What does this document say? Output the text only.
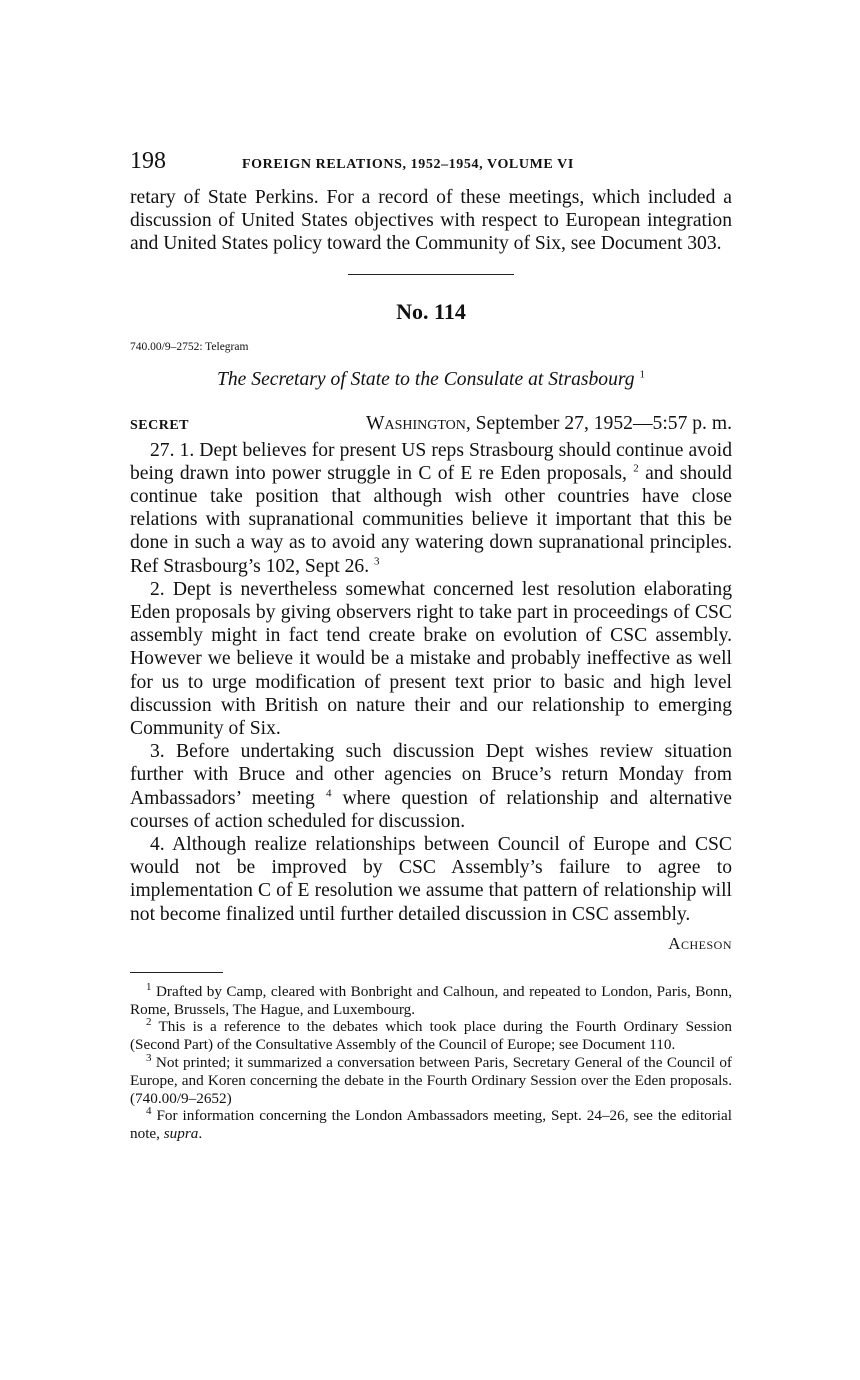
198	FOREIGN RELATIONS, 1952–1954, VOLUME VI

retary of State Perkins. For a record of these meetings, which included a discussion of United States objectives with respect to European integration and United States policy toward the Community of Six, see Document 303.

No. 114
740.00/9–2752: Telegram
The Secretary of State to the Consulate at Strasbourg $^1$
SECRET	Washington, September 27, 1952—5:57 p. m.

27. 1. Dept believes for present US reps Strasbourg should continue avoid being drawn into power struggle in C of E re Eden proposals, $^2$ and should continue take position that although wish other countries have close relations with supranational communities believe it important that this be done in such a way as to avoid any watering down supranational principles. Ref Strasbourg’s 102, Sept 26. $^3$

2. Dept is nevertheless somewhat concerned lest resolution elaborating Eden proposals by giving observers right to take part in proceedings of CSC assembly might in fact tend create brake on evolution of CSC assembly. However we believe it would be a mistake and probably ineffective as well for us to urge modification of present text prior to basic and high level discussion with British on nature their and our relationship to emerging Community of Six.

3. Before undertaking such discussion Dept wishes review situation further with Bruce and other agencies on Bruce’s return Monday from Ambassadors’ meeting $^4$ where question of relationship and alternative courses of action scheduled for discussion.

4. Although realize relationships between Council of Europe and CSC would not be improved by CSC Assembly’s failure to agree to implementation C of E resolution we assume that pattern of relationship will not become finalized until further detailed discussion in CSC assembly.

Acheson

$^1$ Drafted by Camp, cleared with Bonbright and Calhoun, and repeated to London, Paris, Bonn, Rome, Brussels, The Hague, and Luxembourg.

$^2$ This is a reference to the debates which took place during the Fourth Ordinary Session (Second Part) of the Consultative Assembly of the Council of Europe; see Document 110.

$^3$ Not printed; it summarized a conversation between Paris, Secretary General of the Council of Europe, and Koren concerning the debate in the Fourth Ordinary Session over the Eden proposals. (740.00/9–2652)

$^4$ For information concerning the London Ambassadors meeting, Sept. 24–26, see the editorial note, supra.
